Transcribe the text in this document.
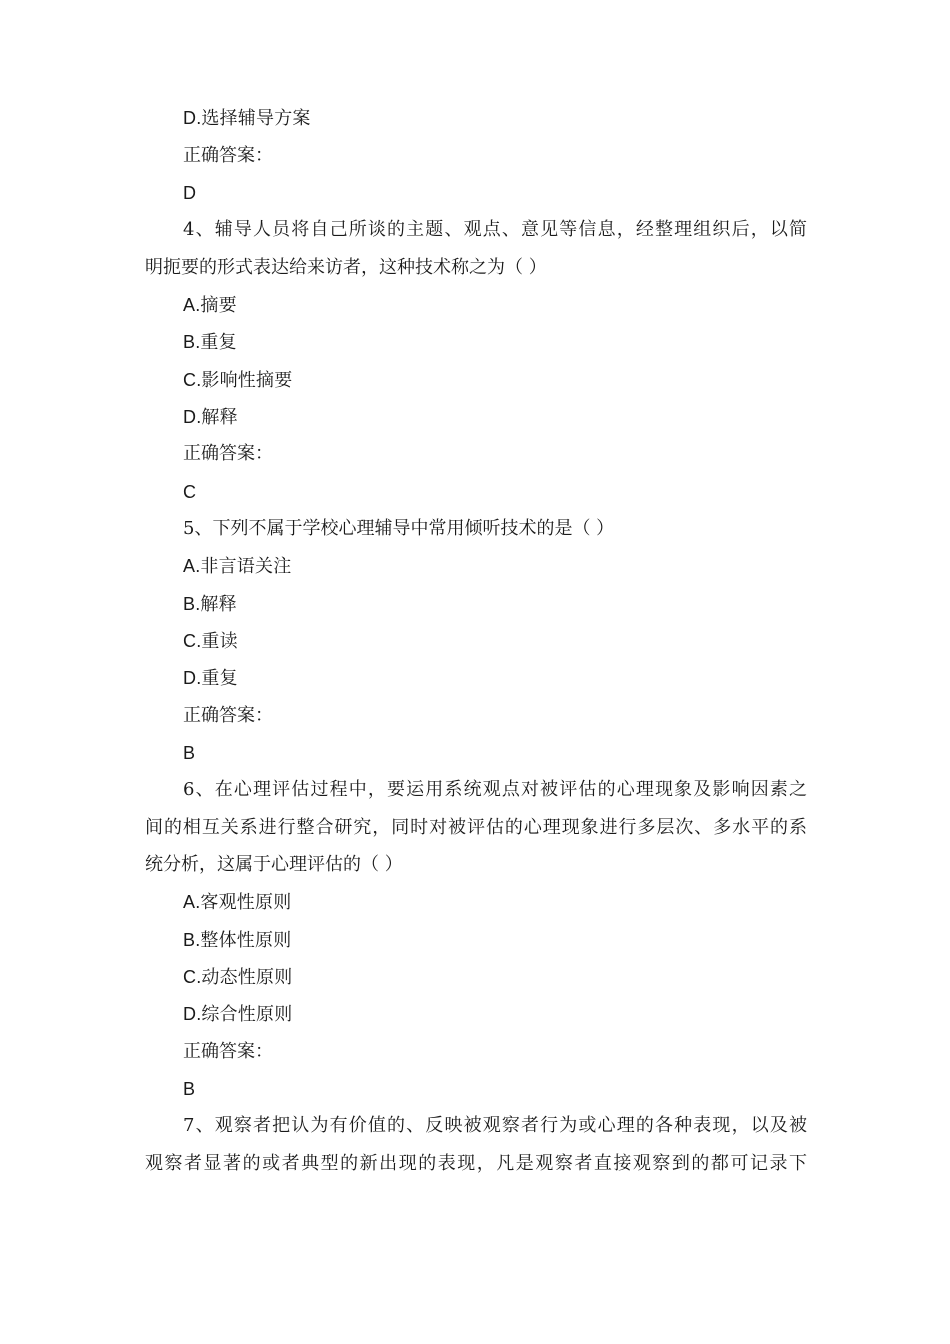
D.选择辅导方案
正确答案：
D
4、辅导人员将自己所谈的主题、观点、意见等信息，经整理组织后，以简
明扼要的形式表达给来访者，这种技术称之为（ ）
A.摘要
B.重复
C.影响性摘要
D.解释
正确答案：
C
5、下列不属于学校心理辅导中常用倾听技术的是（ ）
A.非言语关注
B.解释
C.重读
D.重复
正确答案：
B
6、在心理评估过程中，要运用系统观点对被评估的心理现象及影响因素之
间的相互关系进行整合研究，同时对被评估的心理现象进行多层次、多水平的系
统分析，这属于心理评估的（ ）
A.客观性原则
B.整体性原则
C.动态性原则
D.综合性原则
正确答案：
B
7、观察者把认为有价值的、反映被观察者行为或心理的各种表现，以及被
观察者显著的或者典型的新出现的表现，凡是观察者直接观察到的都可记录下
